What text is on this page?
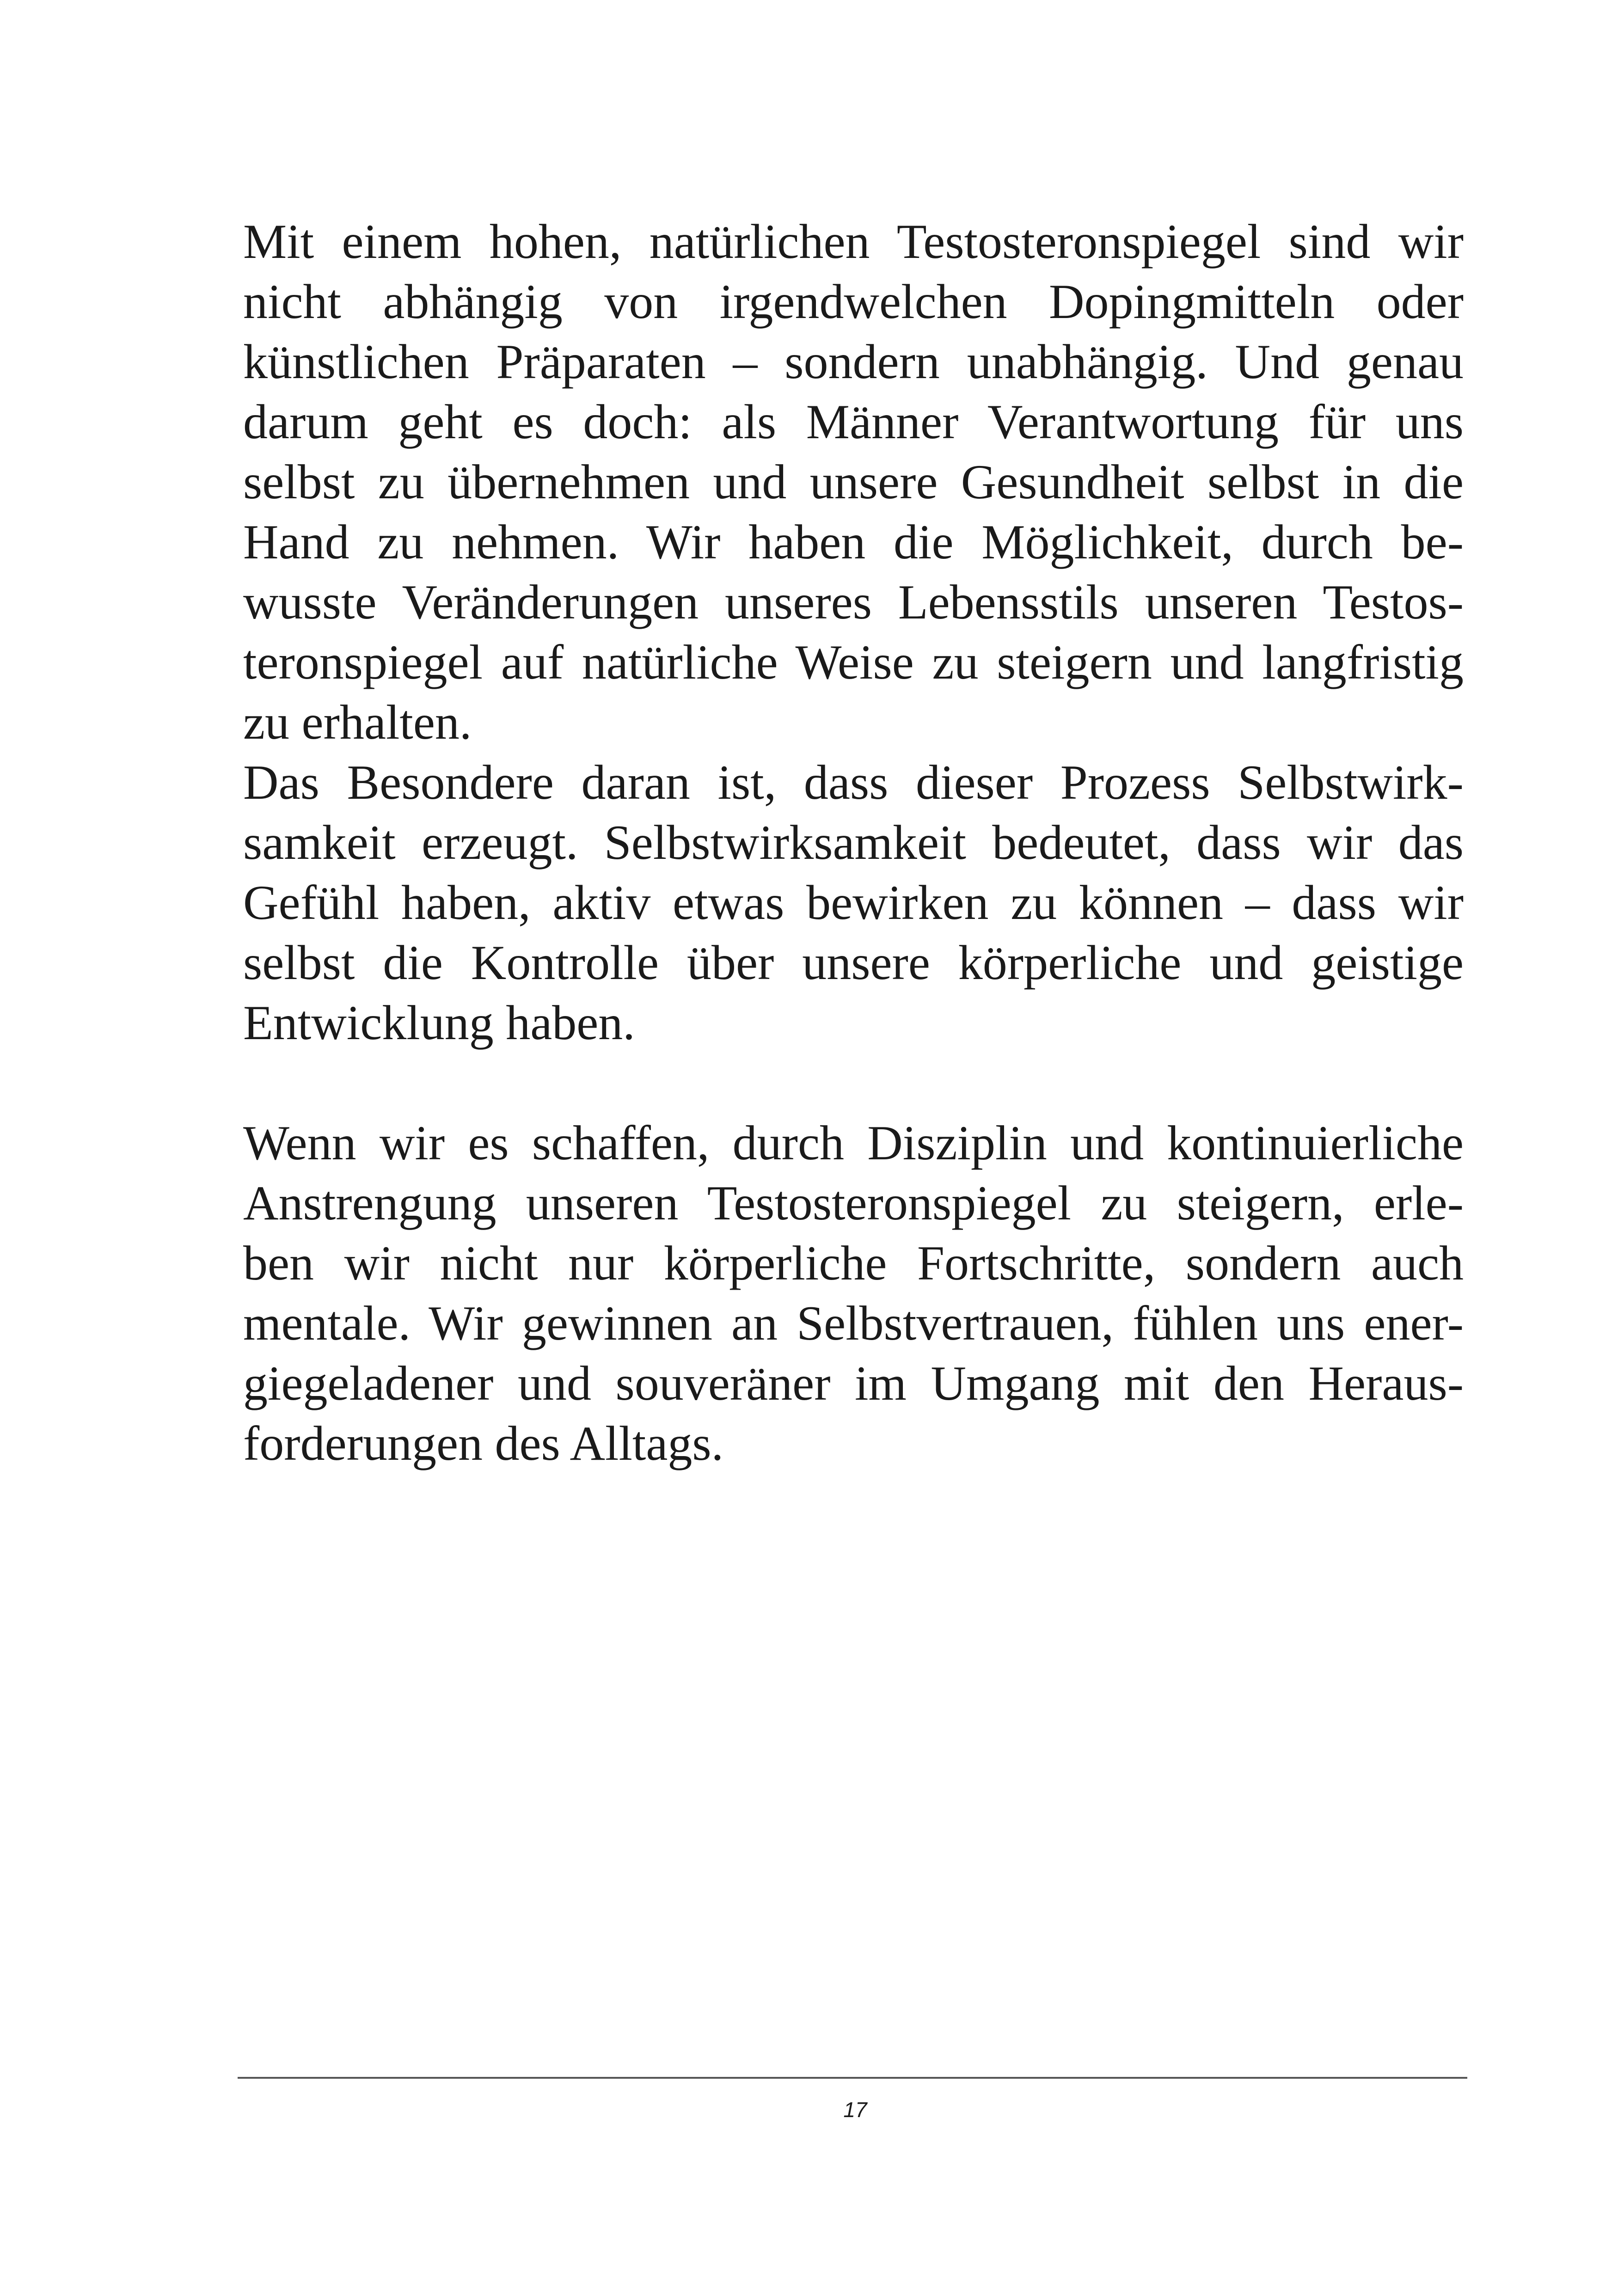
Mit einem hohen, natürlichen Testosteronspiegel sind wir
nicht abhängig von irgendwelchen Dopingmitteln oder
künstlichen Präparaten – sondern unabhängig. Und genau
darum geht es doch: als Männer Verantwortung für uns
selbst zu übernehmen und unsere Gesundheit selbst in die
Hand zu nehmen. Wir haben die Möglichkeit, durch be-
wusste Veränderungen unseres Lebensstils unseren Testos-
teronspiegel auf natürliche Weise zu steigern und langfristig
zu erhalten.

Das Besondere daran ist, dass dieser Prozess Selbstwirk-
samkeit erzeugt. Selbstwirksamkeit bedeutet, dass wir das
Gefühl haben, aktiv etwas bewirken zu können – dass wir
selbst die Kontrolle über unsere körperliche und geistige
Entwicklung haben.

Wenn wir es schaffen, durch Disziplin und kontinuierliche
Anstrengung unseren Testosteronspiegel zu steigern, erle-
ben wir nicht nur körperliche Fortschritte, sondern auch
mentale. Wir gewinnen an Selbstvertrauen, fühlen uns ener-
giegeladener und souveräner im Umgang mit den Heraus-
forderungen des Alltags.

17
